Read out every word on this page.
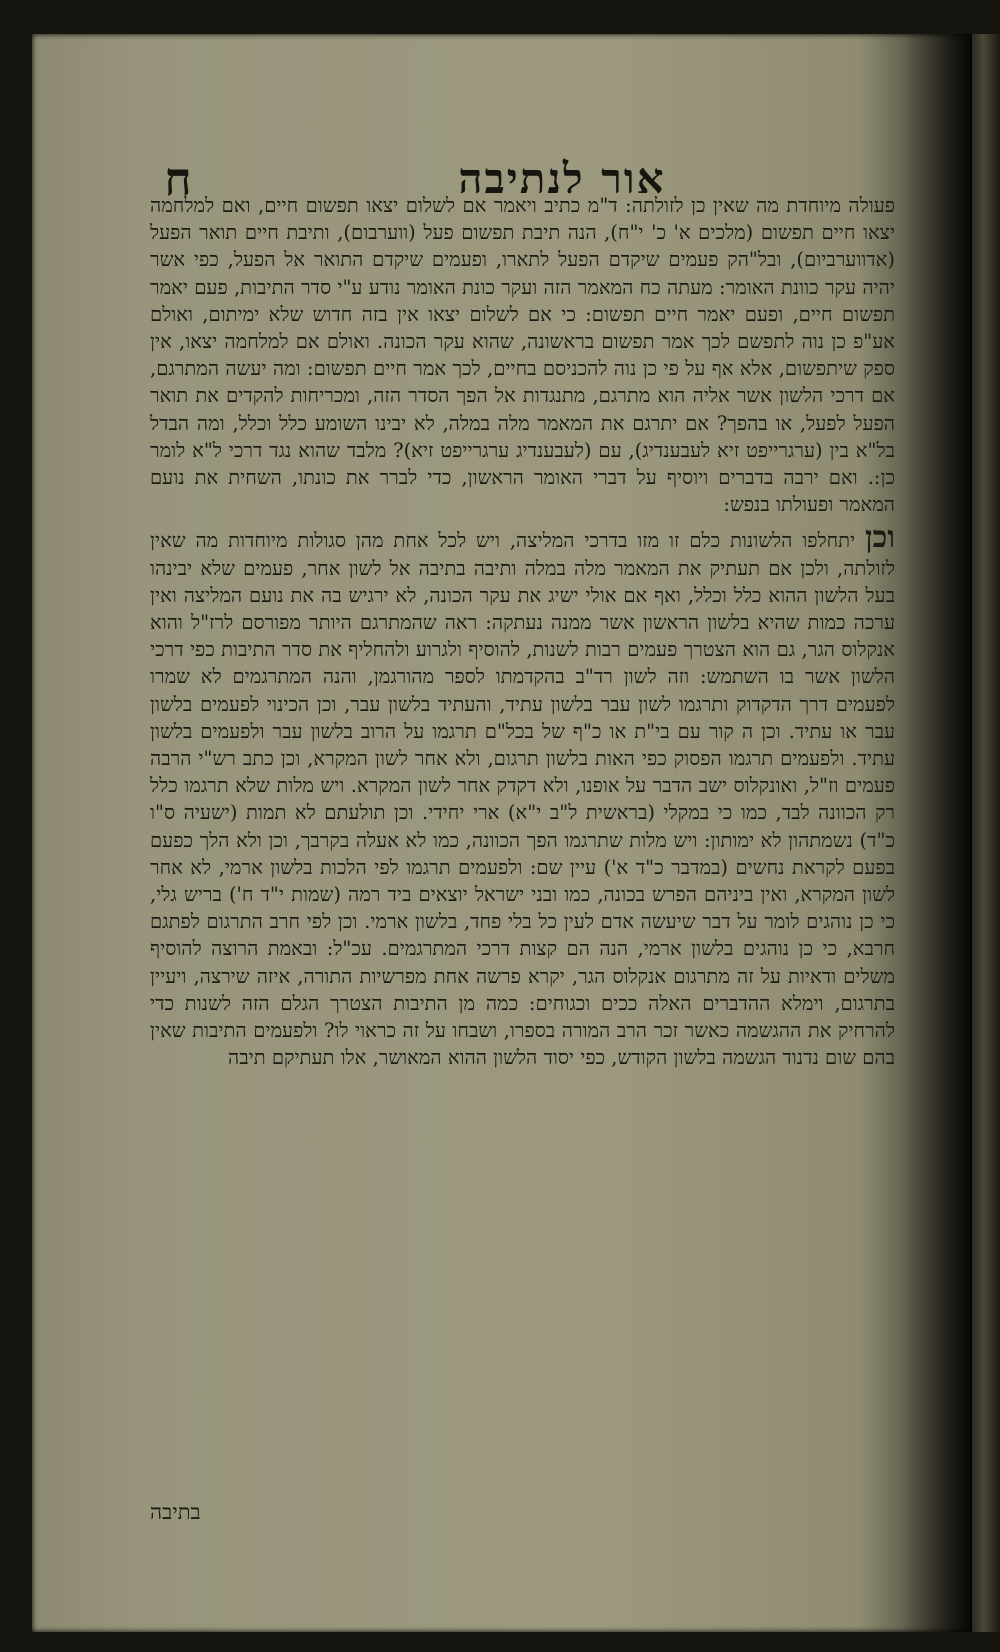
אור לנתיבה
ח

פעולה מיוחדת מה שאין כן לזולתה: ד"מ כתיב ויאמר אם לשלום יצאו תפשום חיים, ואם למלחמה יצאו חיים תפשום (מלכים א' כ' י"ח), הנה תיבת תפשום פעל (ווערבום), ותיבת חיים תואר הפעל (אדווערביום), ובל"הק פעמים שיקדם הפעל לתארו, ופעמים שיקדם התואר אל הפעל, כפי אשר יהיה עקר כוונת האומר: מעתה כח המאמר הזה ועקר כונת האומר נודע ע"י סדר התיבות, פעם יאמר תפשום חיים, ופעם יאמר חיים תפשום: כי אם לשלום יצאו אין בזה חדוש שלא ימיתום, ואולם אע"פ כן נוה לתפשם לכך אמר תפשום בראשונה, שהוא עקר הכונה. ואולם אם למלחמה יצאו, אין ספק שיתפשום, אלא אף על פי כן נוה להכניסם בחיים, לכך אמר חיים תפשום: ומה יעשה המתרגם, אם דרכי הלשון אשר אליה הוא מתרגם, מתנגדות אל הפך הסדר הזה, ומכריחות להקדים את תואר הפעל לפעל, או בהפך? אם יתרגם את המאמר מלה במלה, לא יבינו השומע כלל וכלל, ומה הבדל בל"א בין (ערגרייפט זיא לעבענדיג), עם (לעבענדיג ערגרייפט זיא)? מלבד שהוא נגד דרכי ל"א לומר כן:. ואם ירבה בדברים ויוסיף על דברי האומר הראשון, כדי לברר את כונתו, השחית את נועם המאמר ופעולתו בנפש:

וכן יתחלפו הלשונות כלם זו מזו בדרכי המליצה, ויש לכל אחת מהן סגולות מיוחדות מה שאין לזולתה, ולכן אם תעתיק את המאמר מלה במלה ותיבה בתיבה אל לשון אחר, פעמים שלא יבינהו בעל הלשון ההוא כלל וכלל, ואף אם אולי ישיג את עקר הכונה, לא ירגיש בה את נועם המליצה ואין ערכה כמות שהיא בלשון הראשון אשר ממנה נעתקה: ראה שהמתרגם היותר מפורסם לרז"ל והוא אנקלוס הגר, גם הוא הצטרך פעמים רבות לשנות, להוסיף ולגרוע ולהחליף את סדר התיבות כפי דרכי הלשון אשר בו השתמש: וזה לשון רד"ב בהקדמתו לספר מהורגמן, והנה המתרגמים לא שמרו לפעמים דרך הדקדוק ותרגמו לשון עבר בלשון עתיד, והעתיד בלשון עבר, וכן הכינוי לפעמים בלשון עבר או עתיד. וכן ה קור עם בי"ת או כ"ף של בכל"ם תרגמו על הרוב בלשון עבר ולפעמים בלשון עתיד. ולפעמים תרגמו הפסוק כפי האות בלשון תרגום, ולא אחר לשון המקרא, וכן כתב רש"י הרבה פעמים וז"ל, ואונקלוס ישב הדבר על אופנו, ולא דקדק אחר לשון המקרא. ויש מלות שלא תרגמו כלל רק הכוונה לבד, כמו כי במקלי (בראשית ל"ב י"א) ארי יחידי. וכן תולעתם לא תמות (ישעיה ס"ו כ"ד) נשמתהון לא ימותון: ויש מלות שתרגמו הפך הכוונה, כמו לא אעלה בקרבך, וכן ולא הלך כפעם בפעם לקראת נחשים (במדבר כ"ד א') עיין שם: ולפעמים תרגמו לפי הלכות בלשון ארמי, לא אחר לשון המקרא, ואין ביניהם הפרש בכונה, כמו ובני ישראל יוצאים ביד רמה (שמות י"ד ח') בריש גלי, כי כן נוהגים לומר על דבר שיעשה אדם לעין כל בלי פחד, בלשון ארמי. וכן לפי חרב התרגום לפתגם חרבא, כי כן נוהגים בלשון ארמי, הנה הם קצות דרכי המתרגמים. עכ"ל: ובאמת הרוצה להוסיף משלים ודאיות על זה מתרגום אנקלוס הגר, יקרא פרשה אחת מפרשיות התורה, איזה שירצה, ויעיין בתרגום, וימלא ההדברים האלה ככים וכגוחים: כמה מן התיבות הצטרך הגלם הזה לשנות כדי להרחיק את ההגשמה כאשר זכר הרב המורה בספרו, ושבחו על זה כראוי לו? ולפעמים התיבות שאין בהם שום נדנוד הגשמה בלשון הקודש, כפי יסוד הלשון ההוא המאושר, אלו תעתיקם תיבה

בתיבה
